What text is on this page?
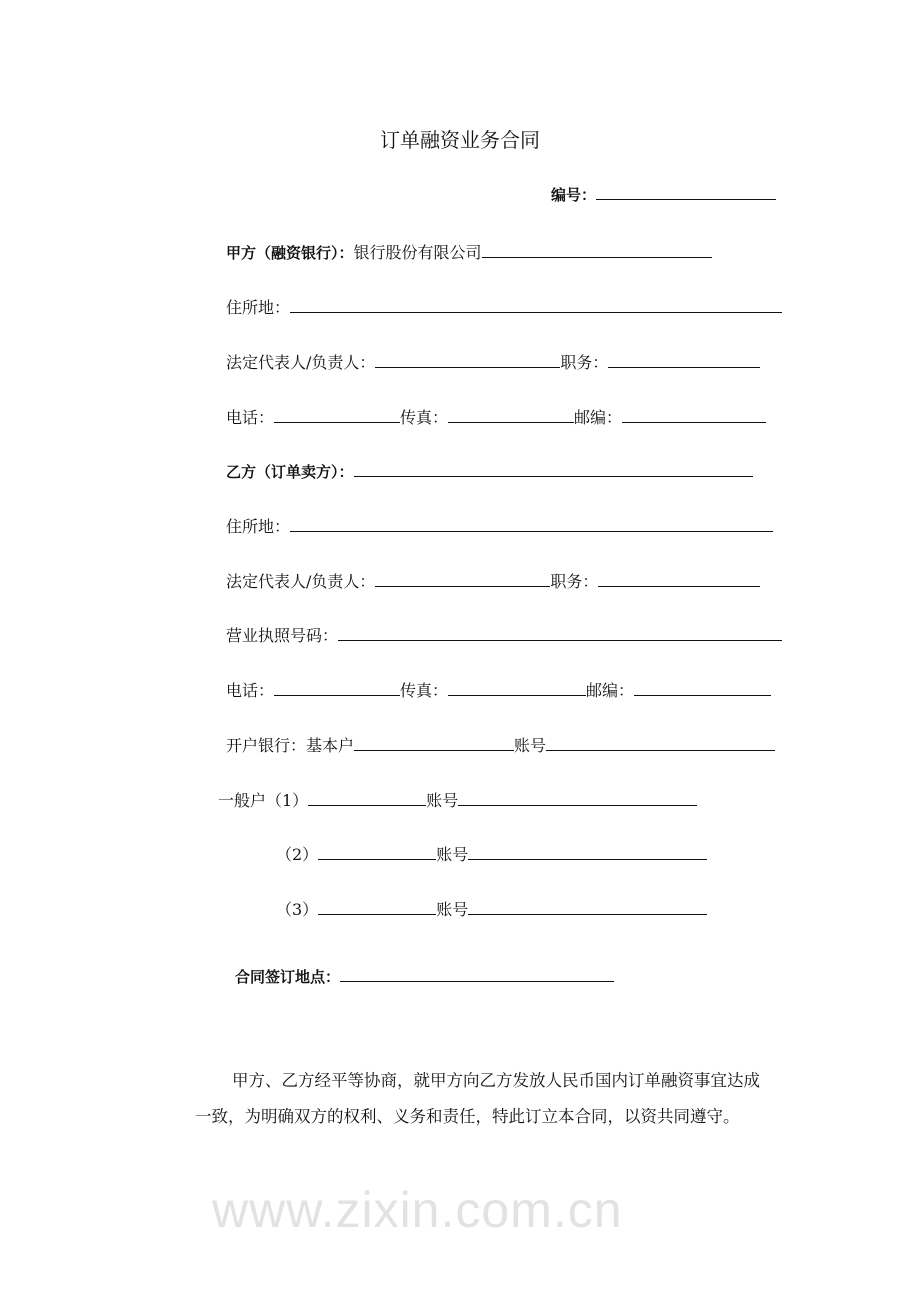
www.zixin.com.cn
订单融资业务合同
编号：
甲方（融资银行）：银行股份有限公司
住所地：
法定代表人/负责人：	职务：
电话：	传真：	邮编：
乙方（订单卖方）：
住所地：
法定代表人/负责人：	职务：
营业执照号码：
电话：	传真：	邮编：
开户银行：基本户	账号
一般户（1）	账号
（2）	账号
（3）	账号
合同签订地点：
甲方、乙方经平等协商，就甲方向乙方发放人民币国内订单融资事宜达成
一致，为明确双方的权利、义务和责任，特此订立本合同，以资共同遵守。
